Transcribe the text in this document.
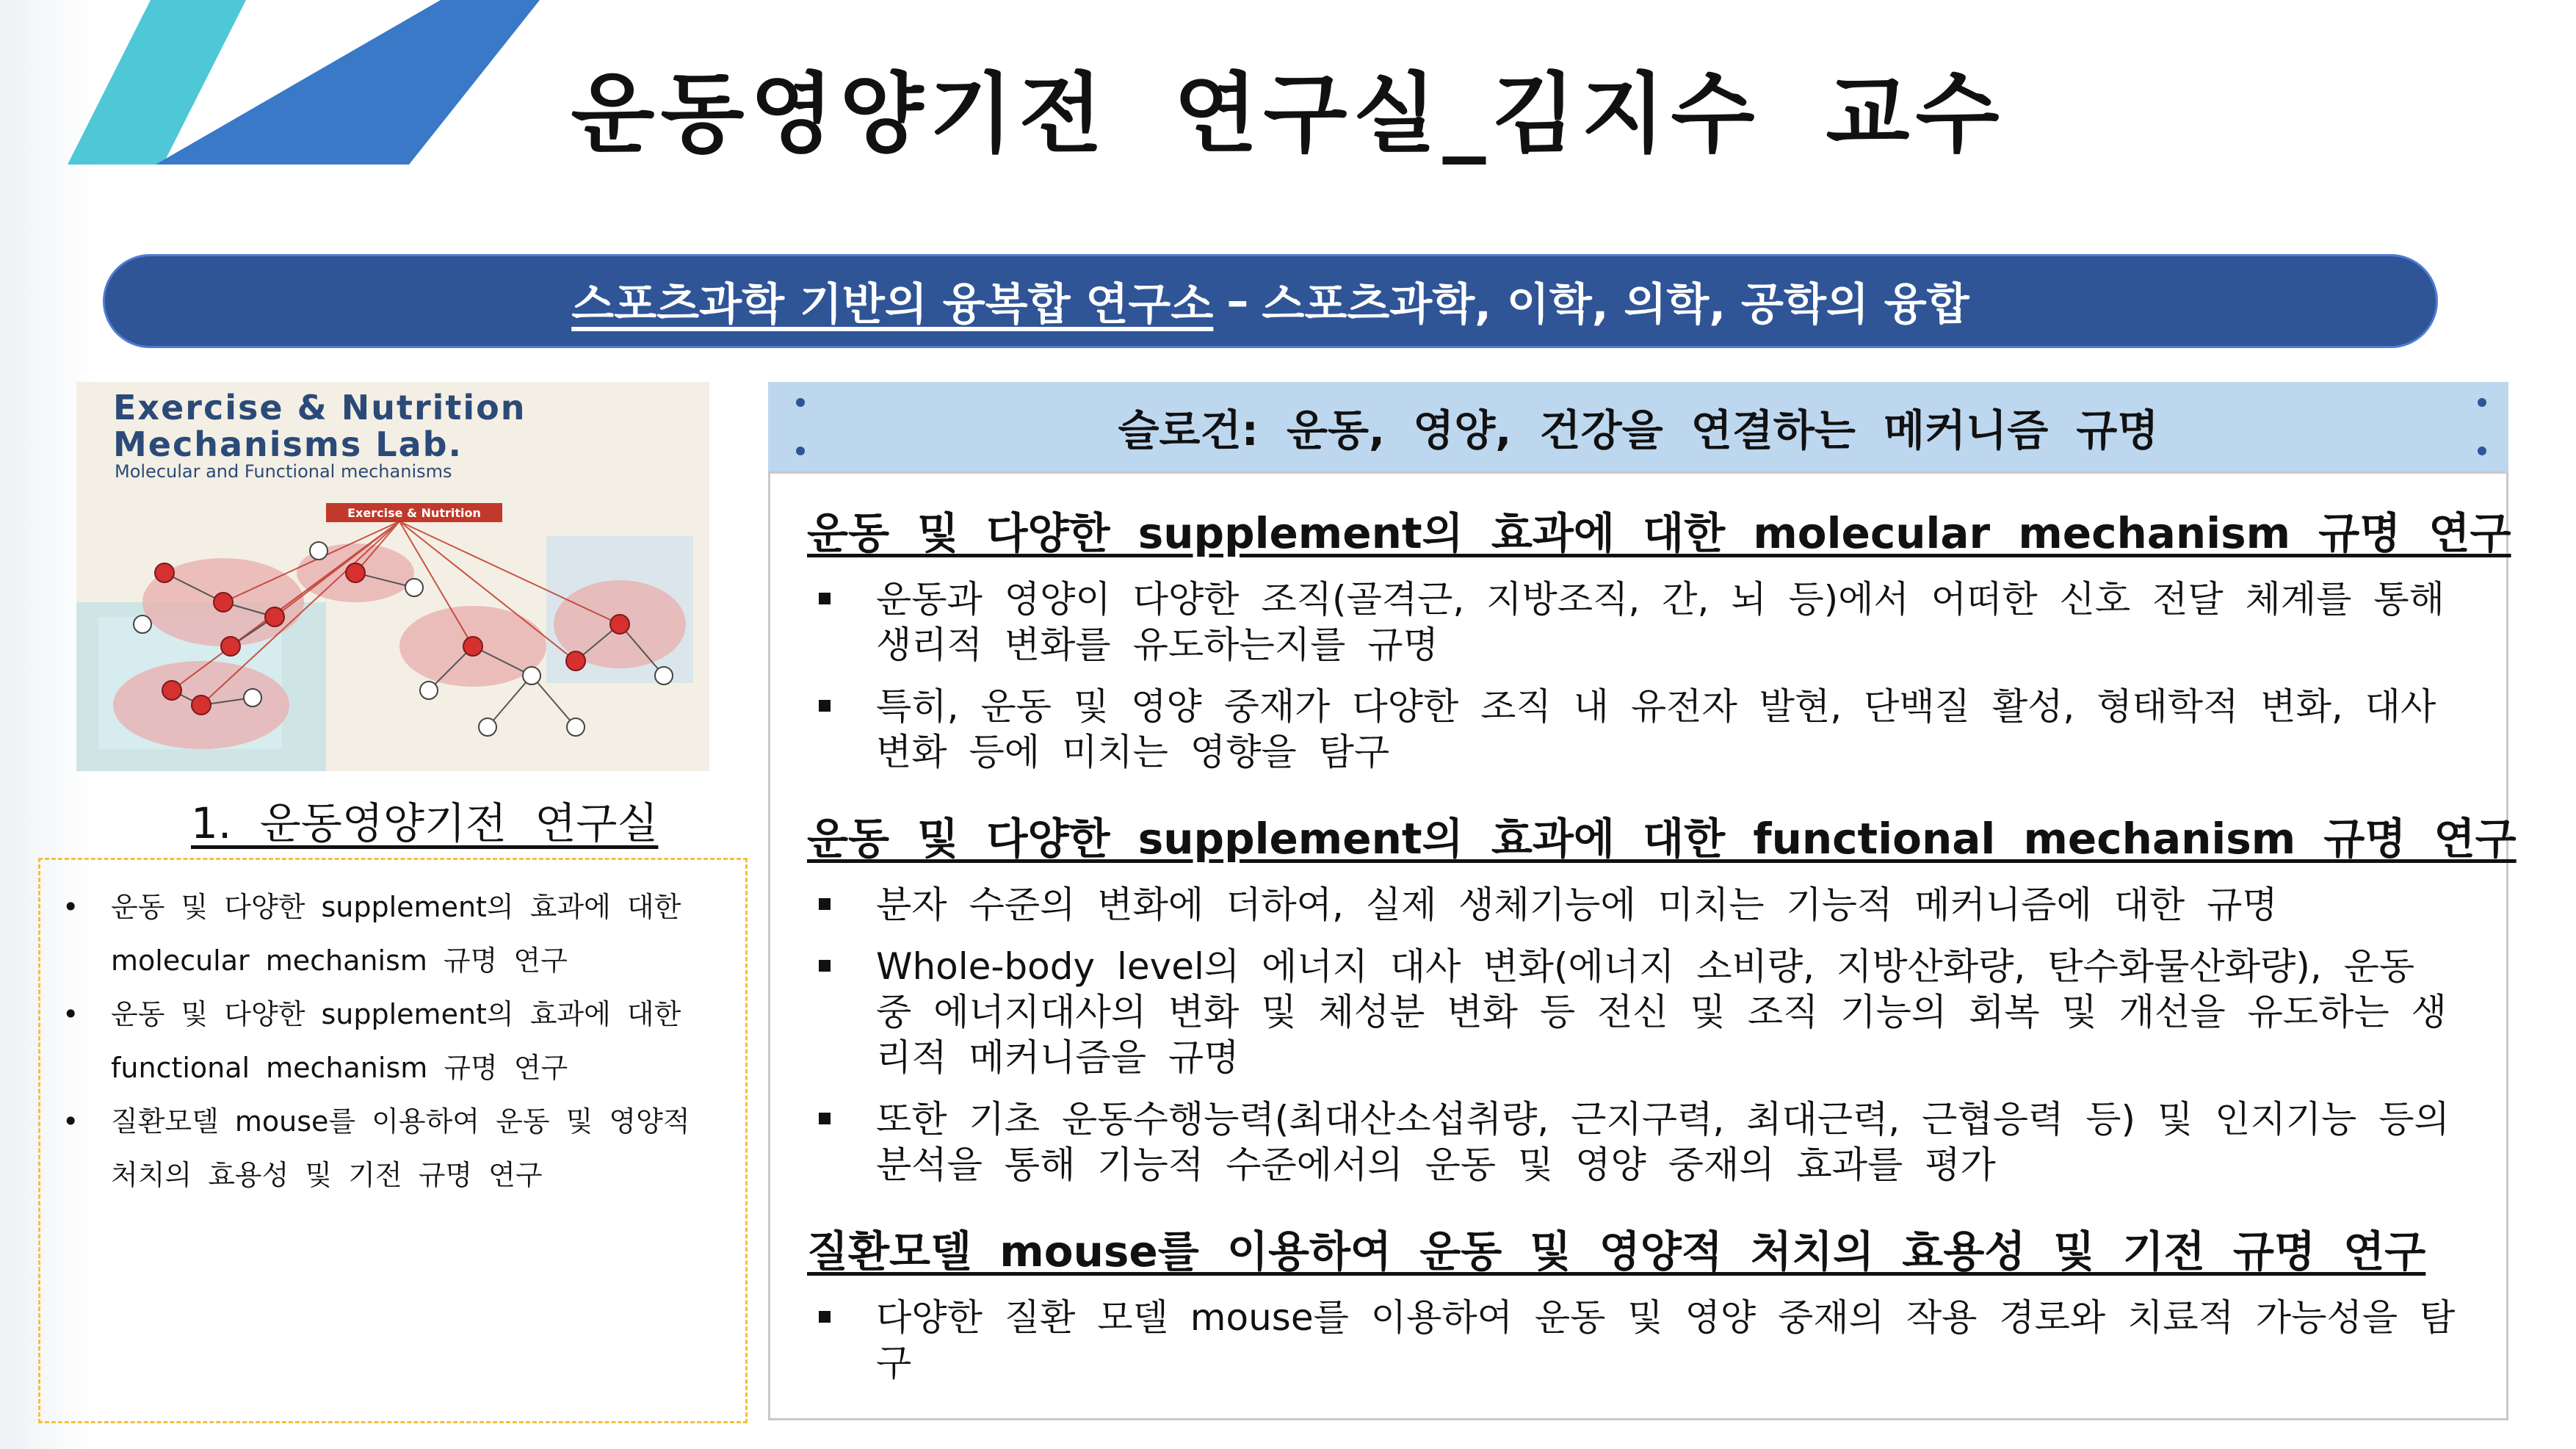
운동영양기전 연구실_김지수 교수
스포츠과학 기반의 융복합 연구소 – 스포츠과학, 이학, 의학, 공학의 융합
Exercise & Nutrition
Exercise & Nutrition
Mechanisms Lab.
Molecular and Functional mechanisms
1. 운동영양기전 연구실
• 운동 및 다양한 supplement의 효과에 대한 molecular mechanism 규명 연구
• 운동 및 다양한 supplement의 효과에 대한 functional mechanism 규명 연구
• 질환모델 mouse를 이용하여 운동 및 영양적 처치의 효용성 및 기전 규명 연구
슬로건: 운동, 영양, 건강을 연결하는 메커니즘 규명
운동 및 다양한 supplement의 효과에 대한 molecular mechanism 규명 연구
운동과 영양이 다양한 조직(골격근, 지방조직, 간, 뇌 등)에서 어떠한 신호 전달 체계를 통해 생리적 변화를 유도하는지를 규명
특히, 운동 및 영양 중재가 다양한 조직 내 유전자 발현, 단백질 활성, 형태학적 변화, 대사 변화 등에 미치는 영향을 탐구
운동 및 다양한 supplement의 효과에 대한 functional mechanism 규명 연구
분자 수준의 변화에 더하여, 실제 생체기능에 미치는 기능적 메커니즘에 대한 규명
Whole-body level의 에너지 대사 변화(에너지 소비량, 지방산화량, 탄수화물산화량), 운동 중 에너지대사의 변화 및 체성분 변화 등 전신 및 조직 기능의 회복 및 개선을 유도하는 생리적 메커니즘을 규명
또한 기초 운동수행능력(최대산소섭취량, 근지구력, 최대근력, 근협응력 등) 및 인지기능 등의 분석을 통해 기능적 수준에서의 운동 및 영양 중재의 효과를 평가
질환모델 mouse를 이용하여 운동 및 영양적 처치의 효용성 및 기전 규명 연구
다양한 질환 모델 mouse를 이용하여 운동 및 영양 중재의 작용 경로와 치료적 가능성을 탐구
